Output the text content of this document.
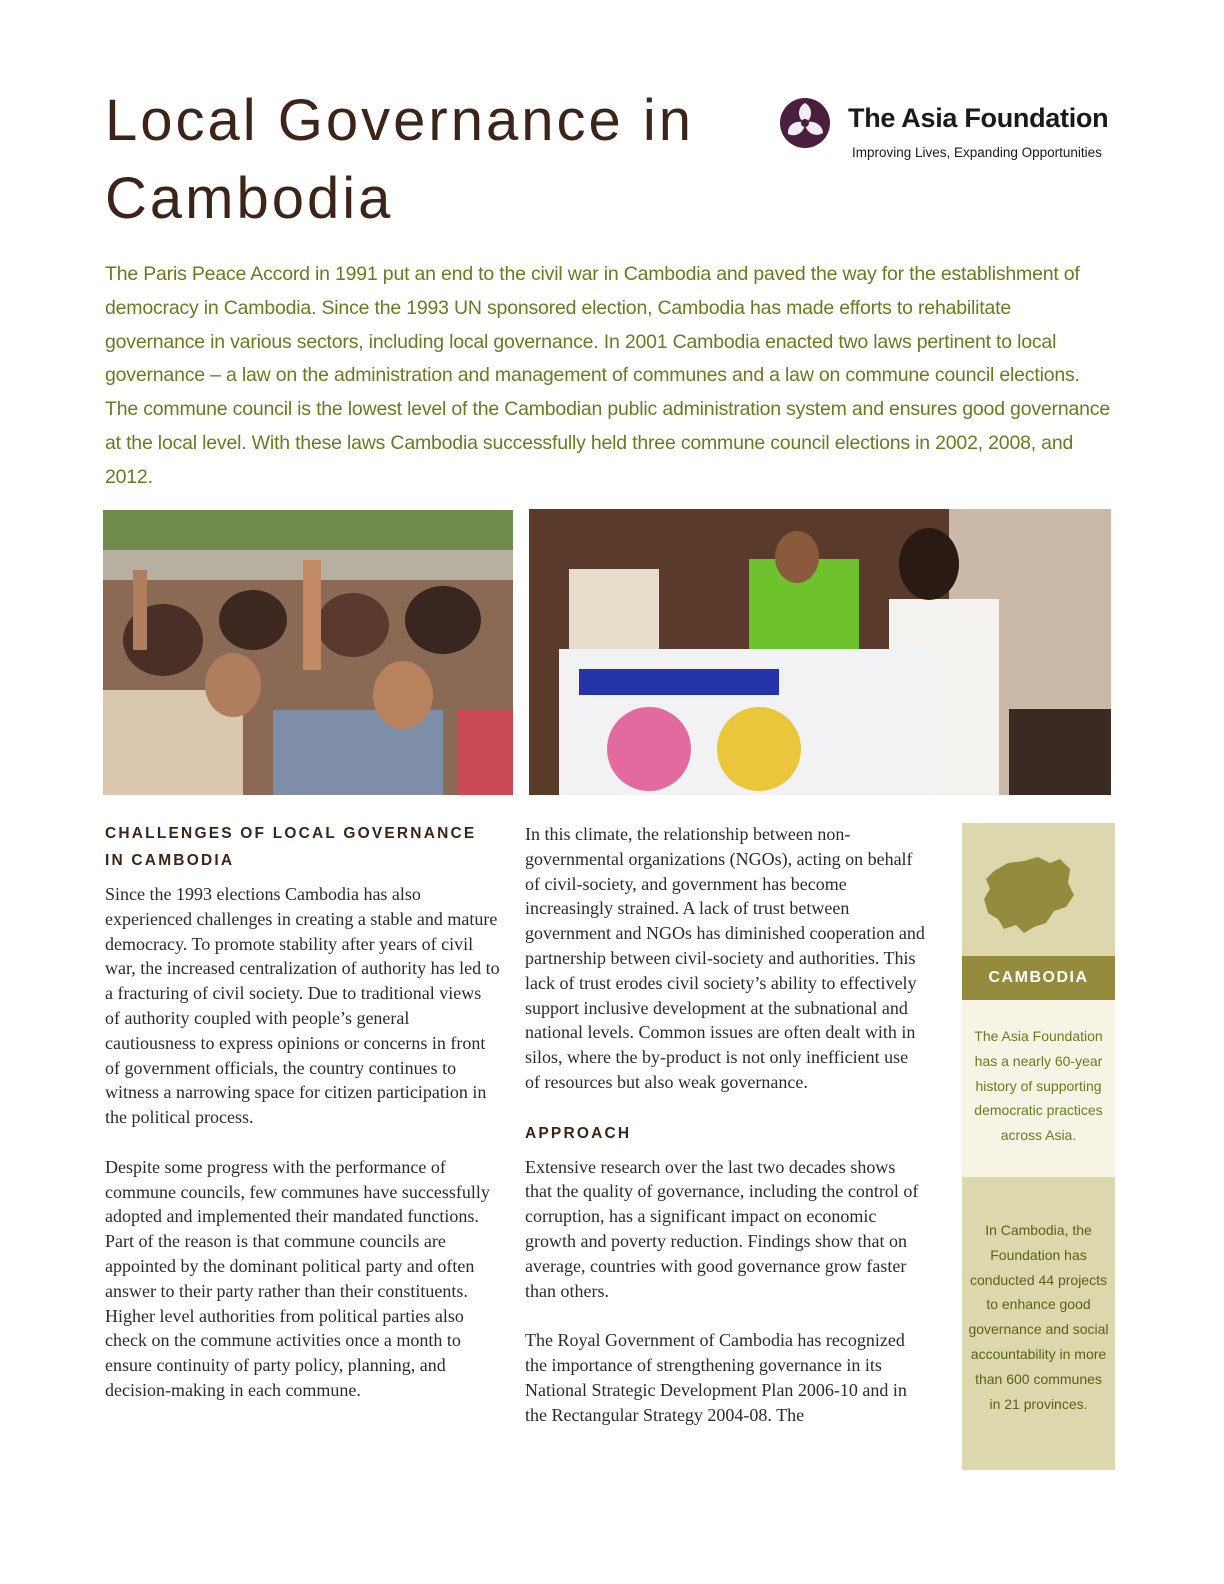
Local Governance in
Cambodia
The Asia Foundation
Improving Lives, Expanding Opportunities

The Paris Peace Accord in 1991 put an end to the civil war in Cambodia and paved the way for the establishment of democracy in Cambodia. Since the 1993 UN sponsored election, Cambodia has made efforts to rehabilitate governance in various sectors, including local governance. In 2001 Cambodia enacted two laws pertinent to local governance – a law on the administration and management of communes and a law on commune council elections. The commune council is the lowest level of the Cambodian public administration system and ensures good governance at the local level. With these laws Cambodia successfully held three commune council elections in 2002, 2008, and 2012.

CHALLENGES OF LOCAL GOVERNANCE
IN CAMBODIA

Since the 1993 elections Cambodia has also experienced challenges in creating a stable and mature democracy. To promote stability after years of civil war, the increased centralization of authority has led to a fracturing of civil society. Due to traditional views of authority coupled with people’s general cautiousness to express opinions or concerns in front of government officials, the country continues to witness a narrowing space for citizen participation in the political process.

Despite some progress with the performance of commune councils, few communes have successfully adopted and implemented their mandated functions. Part of the reason is that commune councils are appointed by the dominant political party and often answer to their party rather than their constituents. Higher level authorities from political parties also check on the commune activities once a month to ensure continuity of party policy, planning, and decision-making in each commune.

In this climate, the relationship between non-governmental organizations (NGOs), acting on behalf of civil-society, and government has become increasingly strained. A lack of trust between government and NGOs has diminished cooperation and partnership between civil-society and authorities. This lack of trust erodes civil society’s ability to effectively support inclusive development at the subnational and national levels. Common issues are often dealt with in silos, where the by-product is not only inefficient use of resources but also weak governance.

APPROACH

Extensive research over the last two decades shows that the quality of governance, including the control of corruption, has a significant impact on economic growth and poverty reduction. Findings show that on average, countries with good governance grow faster than others.

The Royal Government of Cambodia has recognized the importance of strengthening governance in its National Strategic Development Plan 2006-10 and in the Rectangular Strategy 2004-08. The

CAMBODIA
The Asia Foundation has a nearly 60-year history of supporting democratic practices across Asia.
In Cambodia, the Foundation has conducted 44 projects to enhance good governance and social accountability in more than 600 communes in 21 provinces.
